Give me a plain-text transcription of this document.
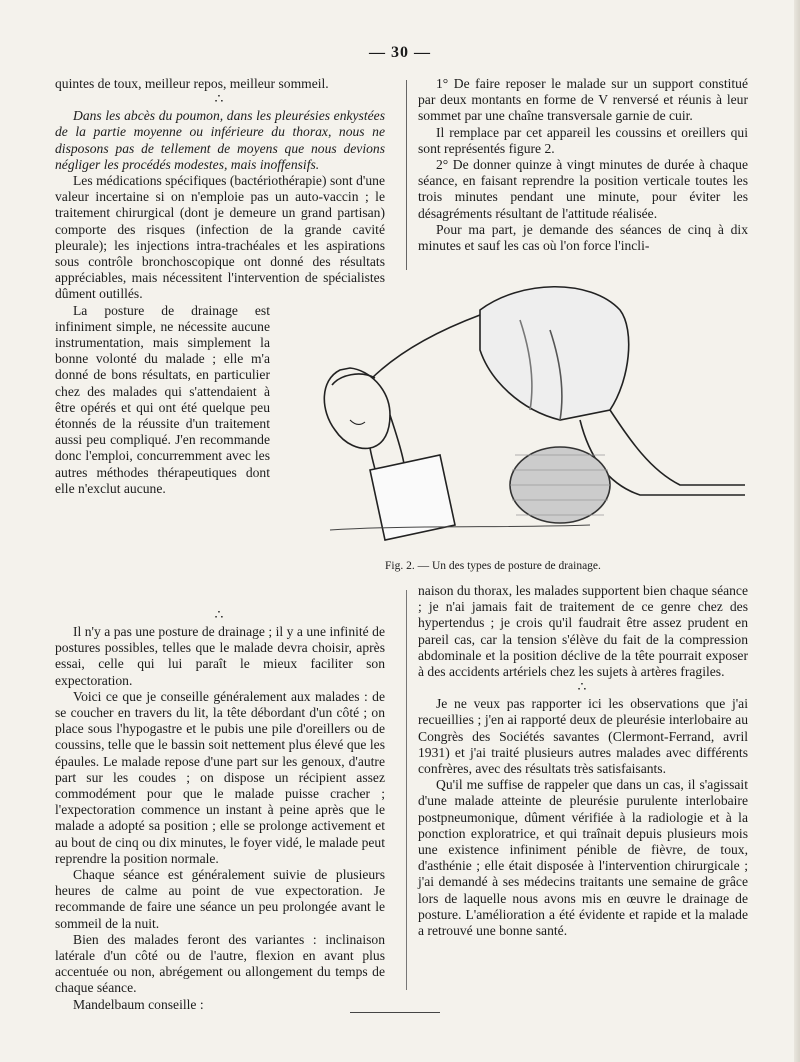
— 30 —

quintes de toux, meilleur repos, meilleur sommeil.

∴

Dans les abcès du poumon, dans les pleurésies enkystées de la partie moyenne ou inférieure du thorax, nous ne disposons pas de tellement de moyens que nous devions négliger les procédés modestes, mais inoffensifs.

Les médications spécifiques (bactériothérapie) sont d'une valeur incertaine si on n'emploie pas un auto-vaccin ; le traitement chirurgical (dont je demeure un grand partisan) comporte des risques (infection de la grande cavité pleurale); les injections intra-trachéales et les aspirations sous contrôle bronchoscopique ont donné des résultats appréciables, mais nécessitent l'intervention de spécialistes dûment outillés.

La posture de drainage est infiniment simple, ne nécessite aucune instrumentation, mais simplement la bonne volonté du malade ; elle m'a donné de bons résultats, en particulier chez des malades qui s'attendaient à être opérés et qui ont été quelque peu étonnés de la réussite d'un traitement aussi peu compliqué. J'en recommande donc l'emploi, concurremment avec les autres méthodes thérapeutiques dont elle n'exclut aucune.

1° De faire reposer le malade sur un support constitué par deux montants en forme de V renversé et réunis à leur sommet par une chaîne transversale garnie de cuir.

Il remplace par cet appareil les coussins et oreillers qui sont représentés figure 2.

2° De donner quinze à vingt minutes de durée à chaque séance, en faisant reprendre la position verticale toutes les trois minutes pendant une minute, pour éviter les désagréments résultant de l'attitude réalisée.

Pour ma part, je demande des séances de cinq à dix minutes et sauf les cas où l'on force l'incli-

Fig. 2. — Un des types de posture de drainage.
∴

Il n'y a pas une posture de drainage ; il y a une infinité de postures possibles, telles que le malade devra choisir, après essai, celle qui lui paraît le mieux faciliter son expectoration.

Voici ce que je conseille généralement aux malades : de se coucher en travers du lit, la tête débordant d'un côté ; on place sous l'hypogastre et le pubis une pile d'oreillers ou de coussins, telle que le bassin soit nettement plus élevé que les épaules. Le malade repose d'une part sur les genoux, d'autre part sur les coudes ; on dispose un récipient assez commodément pour que le malade puisse cracher ; l'expectoration commence un instant à peine après que le malade a adopté sa position ; elle se prolonge activement et au bout de cinq ou dix minutes, le foyer vidé, le malade peut reprendre la position normale.

Chaque séance est généralement suivie de plusieurs heures de calme au point de vue expectoration. Je recommande de faire une séance un peu prolongée avant le sommeil de la nuit.

Bien des malades feront des variantes : inclinaison latérale d'un côté ou de l'autre, flexion en avant plus accentuée ou non, abrégement ou allongement du temps de chaque séance.

Mandelbaum conseille :

naison du thorax, les malades supportent bien chaque séance ; je n'ai jamais fait de traitement de ce genre chez des hypertendus ; je crois qu'il faudrait être assez prudent en pareil cas, car la tension s'élève du fait de la compression abdominale et la position déclive de la tête pourrait exposer à des accidents artériels chez les sujets à artères fragiles.

∴

Je ne veux pas rapporter ici les observations que j'ai recueillies ; j'en ai rapporté deux de pleurésie interlobaire au Congrès des Sociétés savantes (Clermont-Ferrand, avril 1931) et j'ai traité plusieurs autres malades avec différents confrères, avec des résultats très satisfaisants.

Qu'il me suffise de rappeler que dans un cas, il s'agissait d'une malade atteinte de pleurésie purulente interlobaire postpneumonique, dûment vérifiée à la radiologie et à la ponction exploratrice, et qui traînait depuis plusieurs mois une existence infiniment pénible de fièvre, de toux, d'asthénie ; elle était disposée à l'intervention chirurgicale ; j'ai demandé à ses médecins traitants une semaine de grâce lors de laquelle nous avons mis en œuvre le drainage de posture. L'amélioration a été évidente et rapide et la malade a retrouvé une bonne santé.
